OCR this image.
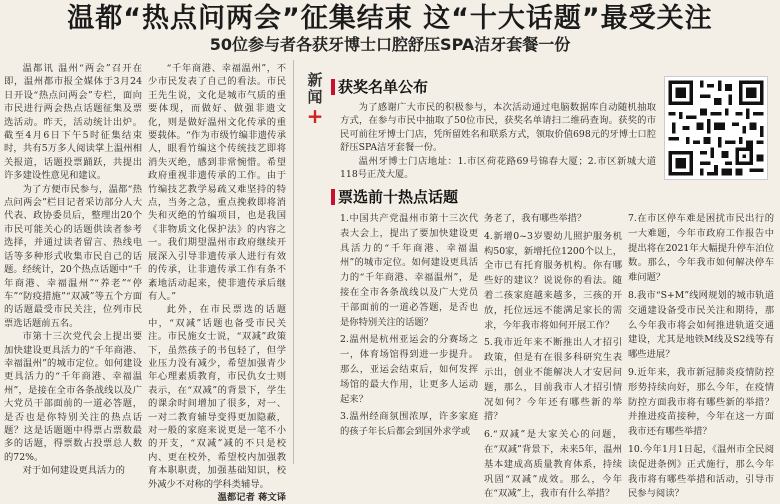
温都“热点问两会”征集结束 这“十大话题”最受关注
50位参与者各获牙博士口腔舒压SPA洁牙套餐一份

温都讯 温州“两会”召开在即，温州都市报全媒体于3月24日开设“热点问两会”专栏，面向市民进行两会热点话题征集及票选活动。昨天，活动统计出炉。截至4月6日下午5时征集结束时，共有5万多人阅读掌上温州相关报道，话题投票踊跃，共提出许多建设性意见和建议。

为了方便市民参与，温都“热点问两会”栏目记者采访部分人大代表、政协委员后，整理出20个市民可能关心的话题供读者参考选择，并通过读者留言、热线电话等多种形式收集市民自己的话题。经统计，20个热点话题中“千年商港、幸福温州”“养老”“停车”“防疫措施”“双减”等五个方面的话题最受市民关注，位列市民票选话题前五名。

市第十三次党代会上提出要加快建设更具活力的“千年商港、幸福温州”的城市定位。如何建设更具活力的“千年商港、幸福温州”，是接在全市各条战线以及广大党员干部面前的一道必答题，是否也是你特别关注的热点话题？这是话题题中得票占票数最多的话题，得票数占投票总人数的72%。

对于如何建设更具活力的

“千年商港、幸福温州”，不少市民发表了自己的看法。市民王先生说，文化是城市气质的重要体现，而做好、做强非遗文化，则是做好温州文化传承的重要载体。“作为市级竹编非遗传承人，眼看竹编这个传统技艺即将消失灭绝，感到非常惋惜。希望政府重视非遗传承的工作。由于竹编技艺教学易疏又难坚持的特点，当务之急，重点挽救即将消失和灭绝的竹编项目，也是我国《非物质文化保护法》的内容之一。我们期望温州市政府继续开展深入引导非遗传承人进行有效的传承，让非遗传承工作有条不紊地活动起来，使非遗传承后继有人。”

此外，在市民票选的话题中，“双减”话题也备受市民关注。市民施女士说，“双减”政策下，虽然孩子的书包轻了，但学业压力没有减少，希望加强青少年心理素质教育，市民仇女士则表示，在“双减”的背景下，学生的课余时间增加了很多，对一、一对二教育辅导变得更加隐蔽，对一般的家庭来说更是一笔不小的开支，“双减”减的不只是校内、更在校外，希望校内加强教育本职职责，加强基础知识，校外减少不对称的学科类辅导。

温都记者 蒋文译

新
闻
+
获奖名单公布

为了感谢广大市民的积极参与，本次活动通过电脑数据库自动随机抽取方式，在参与市民中抽取了50位市民，获奖名单请扫二维码查询。获奖的市民可前往牙博士门店，凭所留姓名和联系方式，领取价值698元的牙博士口腔舒压SPA洁牙套餐一份。

温州牙博士门店地址：1.市区荷花路69号锦春大厦；2.市区新城大道118号正茂大厦。

票选前十热点话题

1.中国共产党温州市第十三次代表大会上，提出了要加快建设更具活力的“千年商港、幸福温州”的城市定位。如何建设更具活力的“千年商港、幸福温州”，是接在全市各条战线以及广大党员干部面前的一道必答题，是否也是你特别关注的话题？

2.温州是杭州亚运会的分赛场之一，体育场馆得到进一步提升。那么，亚运会结束后，如何发挥场馆的最大作用，让更多人运动起来？

3.温州经商氛围浓厚，许多家庭的孩子年长后都会到国外求学或

务老了，我有哪些举措？

4.新增0~3岁婴幼儿照护服务机构50家，新增托位1200个以上，全市已有托育服务机构。你有哪些好的建议？说说你的看法。随着二孩家庭越来越多，三孩的开放，托位远远不能满足家长的需求，今年我市将如何开展工作？

5.我市近年来不断推出人才招引政策，但是有在很多科研究生表示出，创业不能解决人才安居问题，那么，目前我市人才招引情况如何？今年还有哪些新的举措？

6.“双减”是大家关心的问题，在“双减”背景下，未来5年，温州基本建成高质量教育体系，持续巩固“双减”成效。那么，今年在“双减”上，我市有什么举措？

7.在市区停车难是困扰市民出行的一大难题，今年市政府工作报告中提出将在2021年大幅提升停车泊位数。那么，今年我市如何解决停车难问题？

8.我市“S+M”线网规划的城市轨道交通建设备受市民关注和期待，那么今年我市将会如何推进轨道交通建设，尤其是地铁M线及S2线等有哪些进展？

9.近年来，我市新冠肺炎疫情防控形势持续向好，那么今年，在疫情防控方面我市将有哪些新的举措？并推进疫苗接种，今年在这一方面我市还有哪些举措？

10.今年1月1日起，《温州市全民阅读促进条例》正式施行，那么今年我市将有哪些举措和活动，引导市民参与阅读？
